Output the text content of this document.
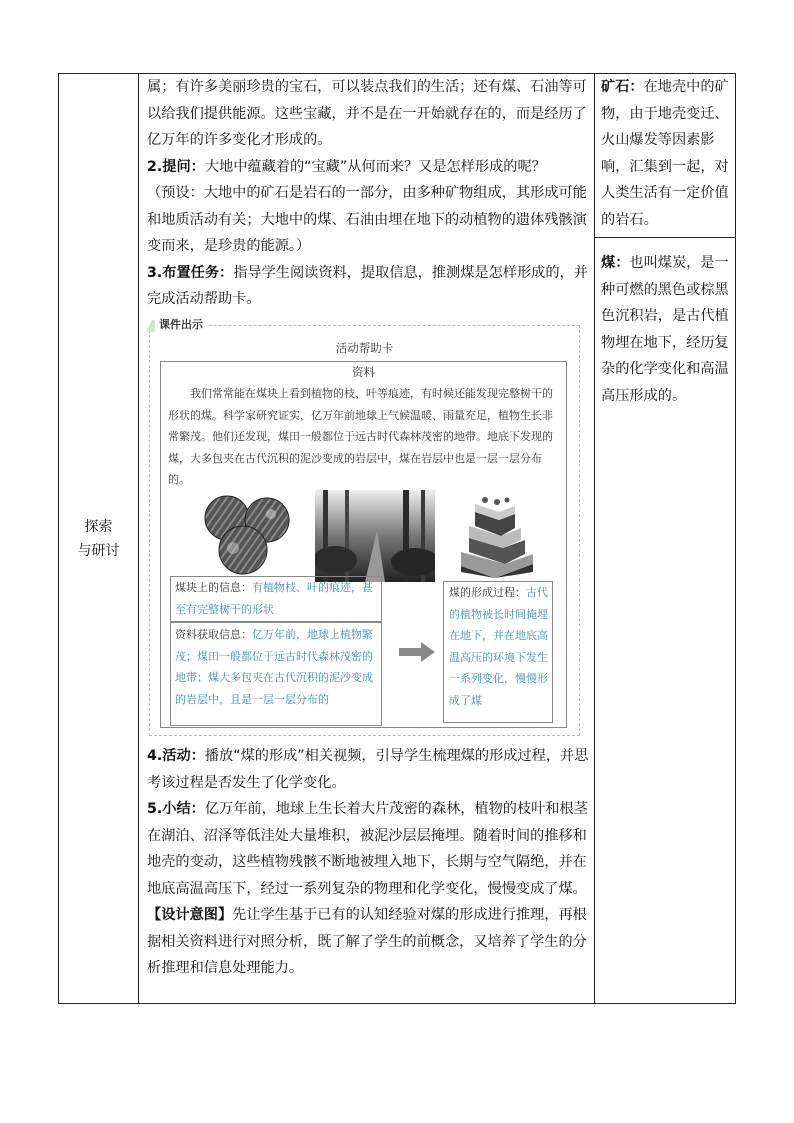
探索
与研讨

属；有许多美丽珍贵的宝石，可以装点我们的生活；还有煤、石油等可以给我们提供能源。这些宝藏，并不是在一开始就存在的，而是经历了亿万年的许多变化才形成的。

2.提问：大地中蕴藏着的“宝藏”从何而来？又是怎样形成的呢？

（预设：大地中的矿石是岩石的一部分，由多种矿物组成，其形成可能和地质活动有关；大地中的煤、石油由埋在地下的动植物的遗体残骸演变而来，是珍贵的能源。）

3.布置任务：指导学生阅读资料，提取信息，推测煤是怎样形成的，并完成活动帮助卡。

课件出示
活动帮助卡
资料

我们常常能在煤块上看到植物的枝、叶等痕迹，有时候还能发现完整树干的形状的煤。科学家研究证实，亿万年前地球上气候温暖、雨量充足，植物生长非常繁茂。他们还发现，煤田一般都位于远古时代森林茂密的地带。地底下发现的煤，大多包夹在古代沉积的泥沙变成的岩层中，煤在岩层中也是一层一层分布的。

煤块上的信息：有植物枝、叶的痕迹，甚至有完整树干的形状

资料获取信息：亿万年前，地球上植物繁茂；煤田一般都位于远古时代森林茂密的地带；煤大多包夹在古代沉积的泥沙变成的岩层中，且是一层一层分布的

煤的形成过程：古代的植物被长时间掩埋在地下，并在地底高温高压的环境下发生一系列变化，慢慢形成了煤

4.活动：播放“煤的形成”相关视频，引导学生梳理煤的形成过程，并思考该过程是否发生了化学变化。

5.小结：亿万年前，地球上生长着大片茂密的森林，植物的枝叶和根茎在湖泊、沼泽等低洼处大量堆积，被泥沙层层掩埋。随着时间的推移和地壳的变动，这些植物残骸不断地被埋入地下，长期与空气隔绝，并在地底高温高压下，经过一系列复杂的物理和化学变化，慢慢变成了煤。

【设计意图】先让学生基于已有的认知经验对煤的形成进行推理，再根据相关资料进行对照分析，既了解了学生的前概念，又培养了学生的分析推理和信息处理能力。

矿石：在地壳中的矿物，由于地壳变迁、火山爆发等因素影响，汇集到一起，对人类生活有一定价值的岩石。

煤：也叫煤炭，是一种可燃的黑色或棕黑色沉积岩，是古代植物埋在地下，经历复杂的化学变化和高温高压形成的。
